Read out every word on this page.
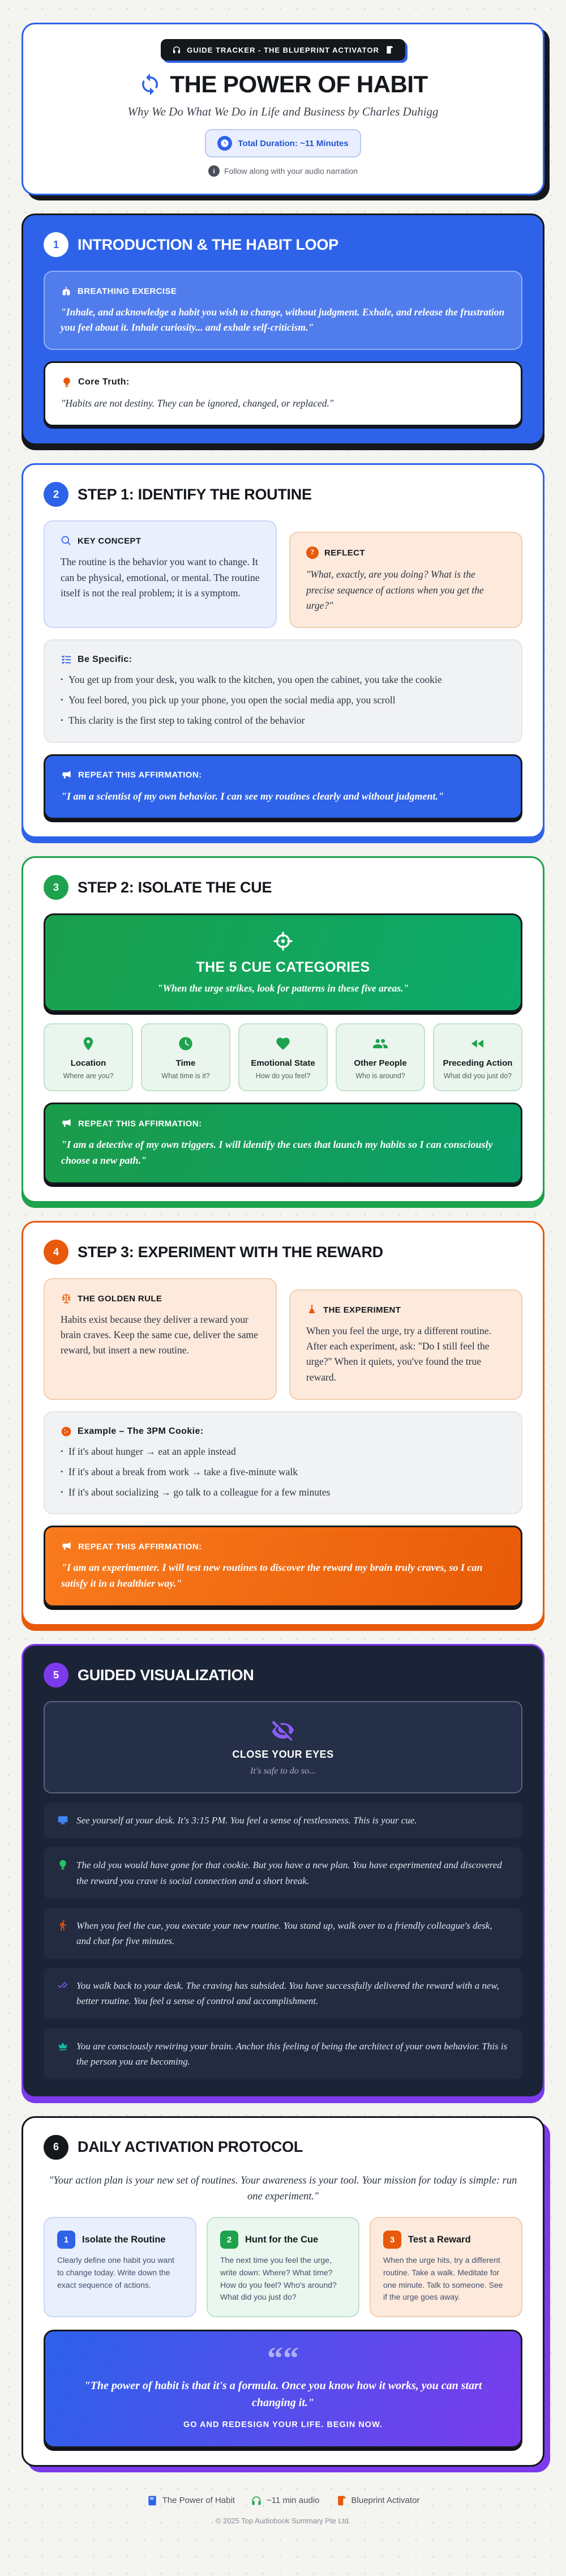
GUIDE TRACKER - THE BLUEPRINT ACTIVATOR
THE POWER OF HABIT
Why We Do What We Do in Life and Business by Charles Duhigg
Total Duration: ~11 Minutes
i	Follow along with your audio narration
1	INTRODUCTION & THE HABIT LOOP
BREATHING EXERCISE
"Inhale, and acknowledge a habit you wish to change, without judgment. Exhale, and release the frustration you feel about it. Inhale curiosity... and exhale self-criticism."
Core Truth:
"Habits are not destiny. They can be ignored, changed, or replaced."
2	STEP 1: IDENTIFY THE ROUTINE
KEY CONCEPT
The routine is the behavior you want to change. It can be physical, emotional, or mental. The routine itself is not the real problem; it is a symptom.
?	REFLECT
"What, exactly, are you doing? What is the precise sequence of actions when you get the urge?"
Be Specific:
• You get up from your desk, you walk to the kitchen, you open the cabinet, you take the cookie
• You feel bored, you pick up your phone, you open the social media app, you scroll
• This clarity is the first step to taking control of the behavior
REPEAT THIS AFFIRMATION:
"I am a scientist of my own behavior. I can see my routines clearly and without judgment."
3	STEP 2: ISOLATE THE CUE
THE 5 CUE CATEGORIES
"When the urge strikes, look for patterns in these five areas."
Location
Where are you?
Time
What time is it?
Emotional State
How do you feel?
Other People
Who is around?
Preceding Action
What did you just do?
REPEAT THIS AFFIRMATION:
"I am a detective of my own triggers. I will identify the cues that launch my habits so I can consciously choose a new path."
4	STEP 3: EXPERIMENT WITH THE REWARD
THE GOLDEN RULE
Habits exist because they deliver a reward your brain craves. Keep the same cue, deliver the same reward, but insert a new routine.
THE EXPERIMENT
When you feel the urge, try a different routine. After each experiment, ask: "Do I still feel the urge?" When it quiets, you've found the true reward.
Example – The 3PM Cookie:
• If it's about hunger → eat an apple instead
• If it's about a break from work → take a five-minute walk
• If it's about socializing → go talk to a colleague for a few minutes
REPEAT THIS AFFIRMATION:
"I am an experimenter. I will test new routines to discover the reward my brain truly craves, so I can satisfy it in a healthier way."
5	GUIDED VISUALIZATION
CLOSE YOUR EYES
It's safe to do so...
See yourself at your desk. It's 3:15 PM. You feel a sense of restlessness. This is your cue.
The old you would have gone for that cookie. But you have a new plan. You have experimented and discovered the reward you crave is social connection and a short break.
When you feel the cue, you execute your new routine. You stand up, walk over to a friendly colleague's desk, and chat for five minutes.
You walk back to your desk. The craving has subsided. You have successfully delivered the reward with a new, better routine. You feel a sense of control and accomplishment.
You are consciously rewiring your brain. Anchor this feeling of being the architect of your own behavior. This is the person you are becoming.
6	DAILY ACTIVATION PROTOCOL
"Your action plan is your new set of routines. Your awareness is your tool. Your mission for today is simple: run one experiment."
1	Isolate the Routine
Clearly define one habit you want to change today. Write down the exact sequence of actions.
2	Hunt for the Cue
The next time you feel the urge, write down: Where? What time? How do you feel? Who's around? What did you just do?
3	Test a Reward
When the urge hits, try a different routine. Take a walk. Meditate for one minute. Talk to someone. See if the urge goes away.
““
"The power of habit is that it's a formula. Once you know how it works, you can start changing it."
GO AND REDESIGN YOUR LIFE. BEGIN NOW.
The Power of Habit	~11 min audio	Blueprint Activator
© 2025 Top Audiobook Summary Pte Ltd.
